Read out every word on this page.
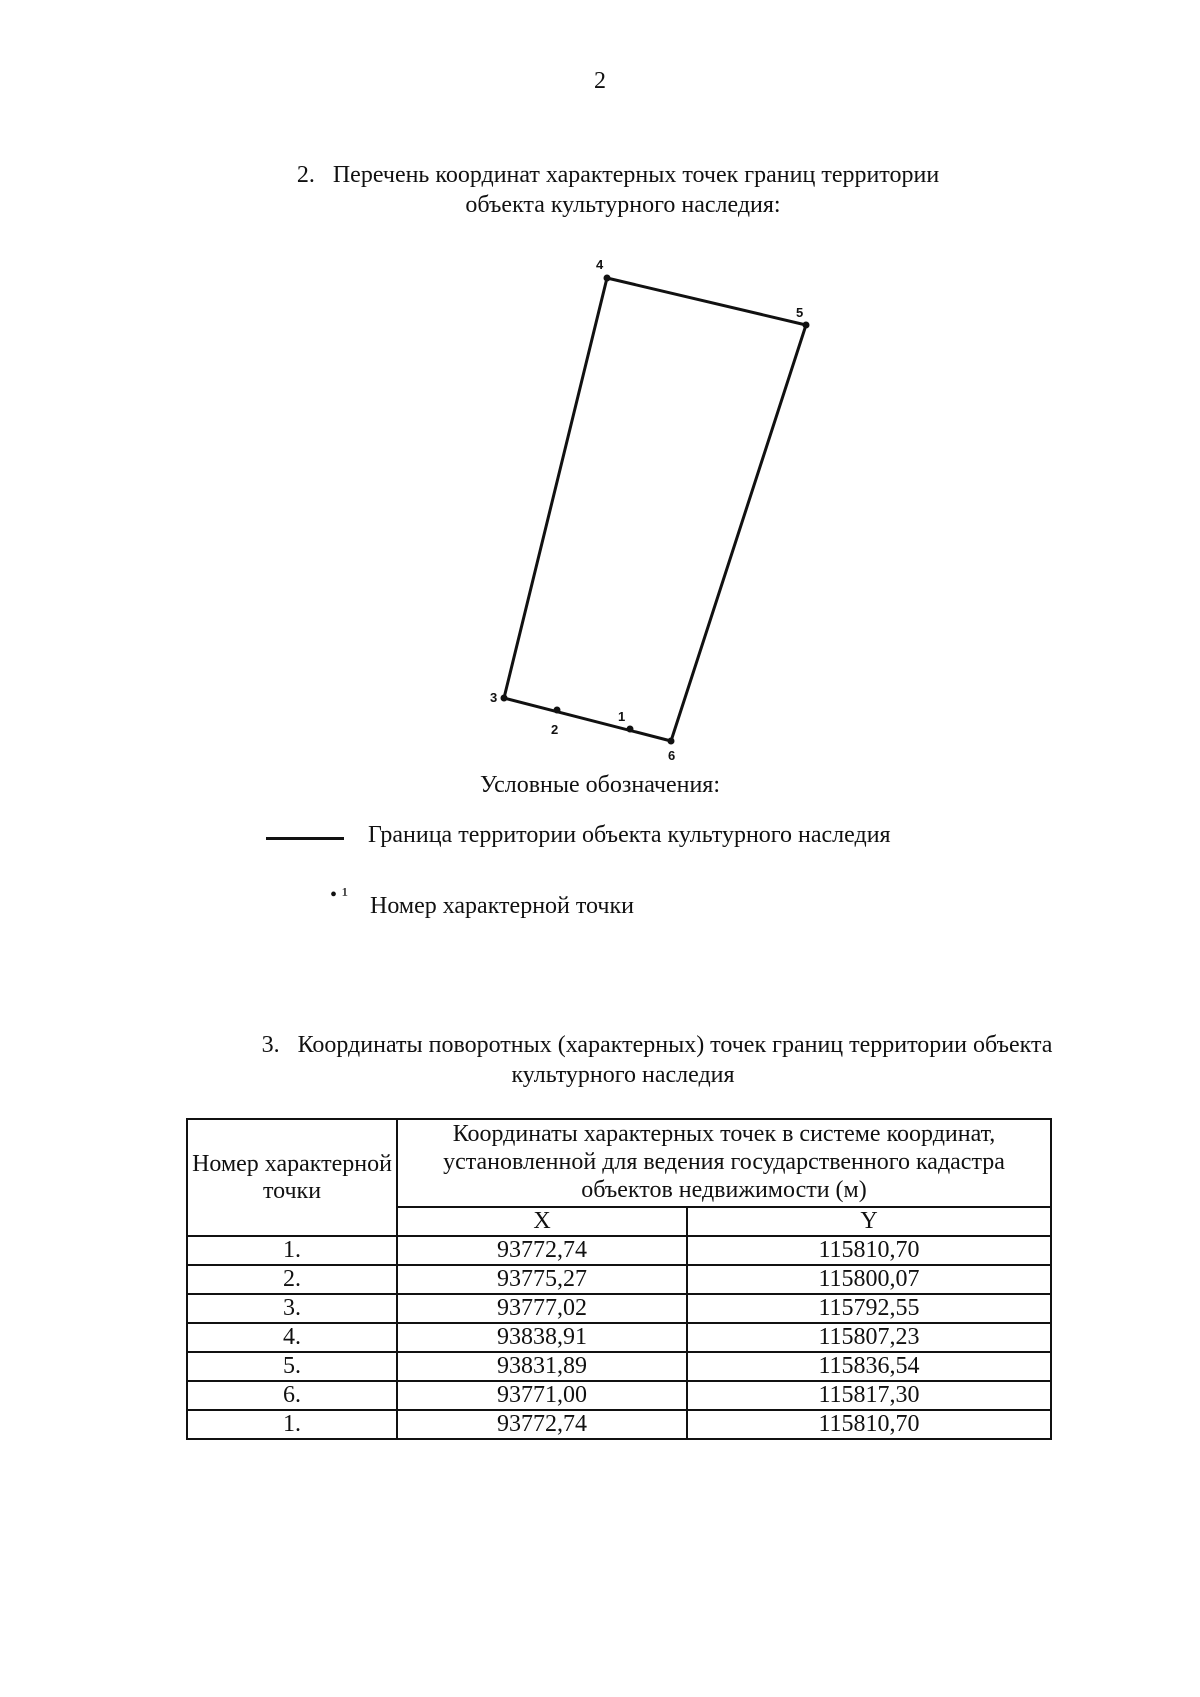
2
2. Перечень координат характерных точек границ территории
объекта культурного наследия:
1
2
3
4
5
6
Условные обозначения:
Граница территории объекта культурного наследия
• ¹ Номер характерной точки
3. Координаты поворотных (характерных) точек границ территории объекта
культурного наследия
Номер характерной точки	Координаты характерных точек в системе координат, установленной для ведения государственного кадастра объектов недвижимости (м)	
	X	Y
1.	93772,74	115810,70
2.	93775,27	115800,07
3.	93777,02	115792,55
4.	93838,91	115807,23
5.	93831,89	115836,54
6.	93771,00	115817,30
1.	93772,74	115810,70
